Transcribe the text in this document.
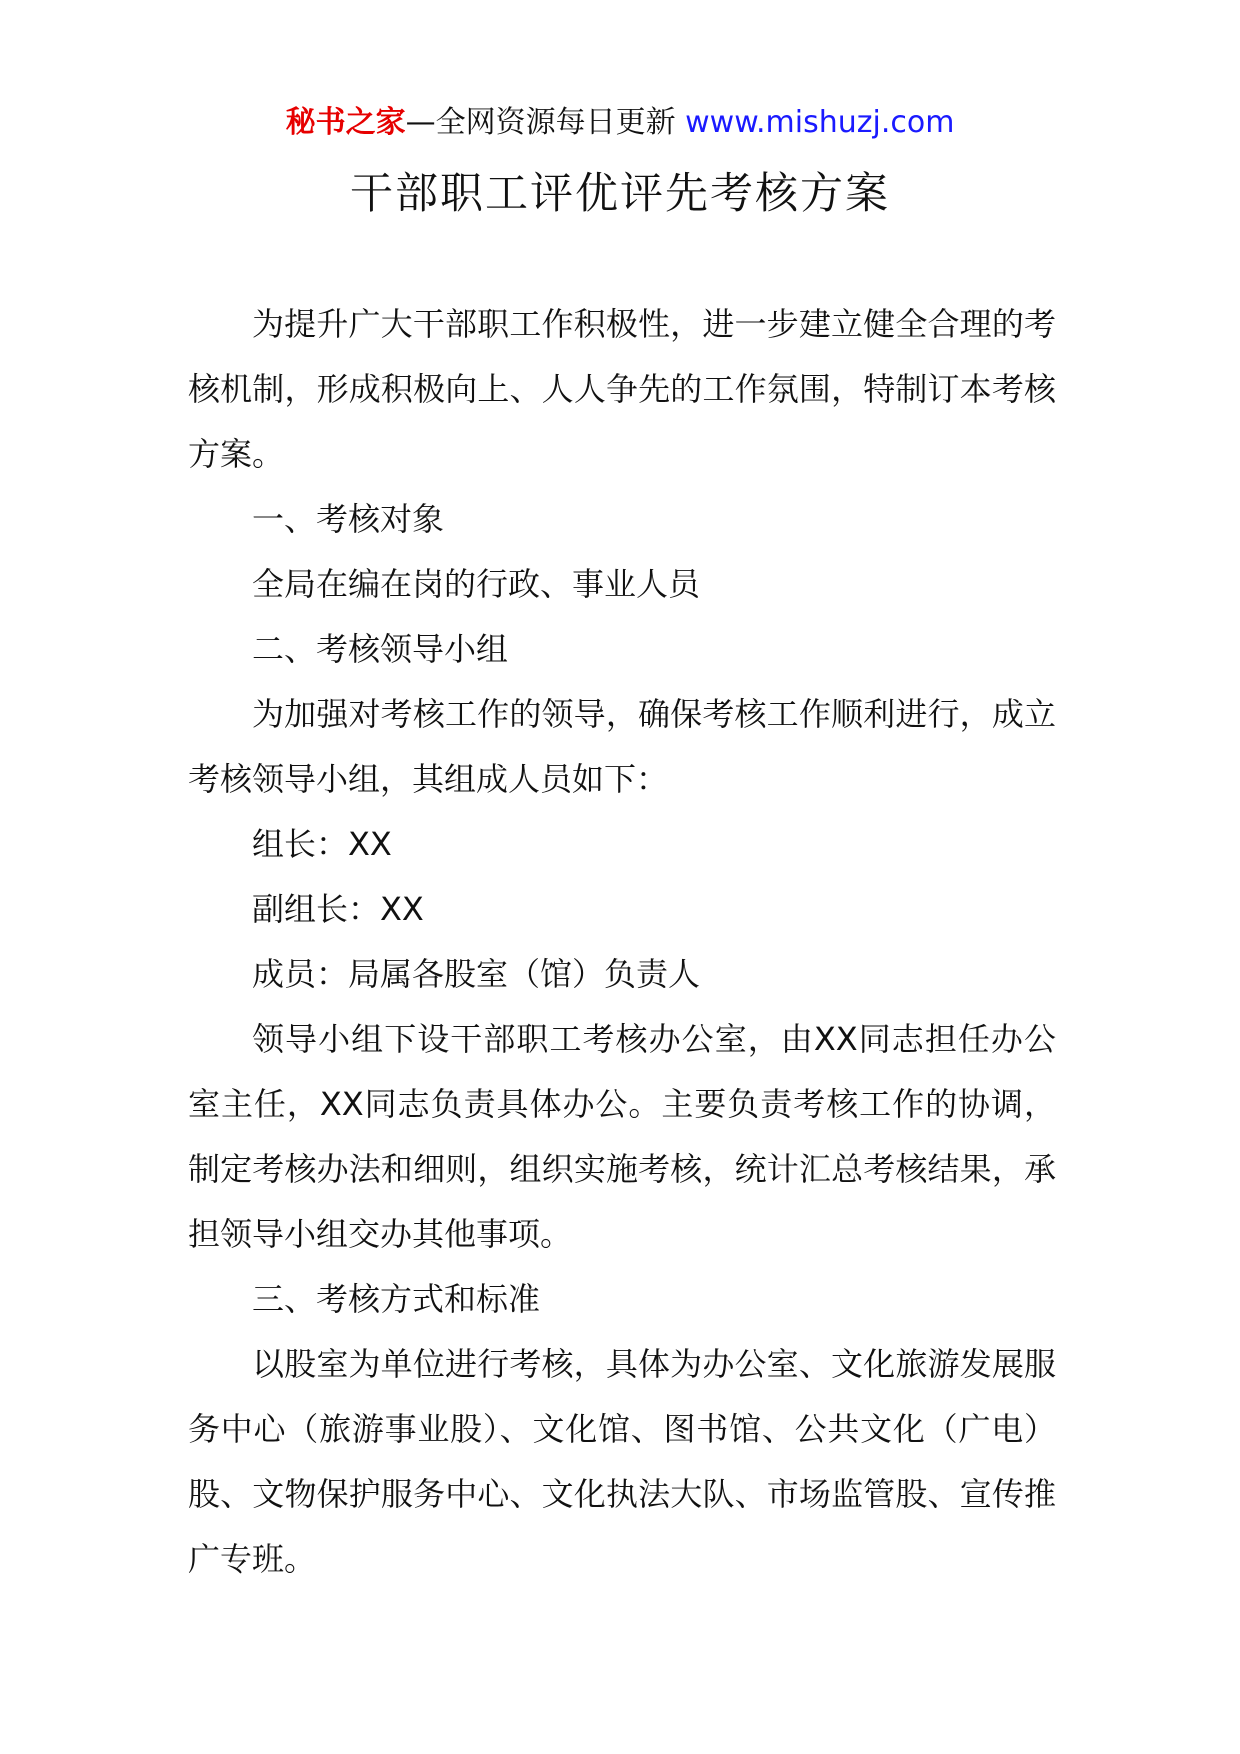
秘书之家—全网资源每日更新 www.mishuzj.com
干部职工评优评先考核方案

为提升广大干部职工作积极性，进一步建立健全合理的考核机制，形成积极向上、人人争先的工作氛围，特制订本考核方案。

一、考核对象

全局在编在岗的行政、事业人员

二、考核领导小组

为加强对考核工作的领导，确保考核工作顺利进行，成立考核领导小组，其组成人员如下：

组长：XX

副组长：XX

成员：局属各股室（馆）负责人

领导小组下设干部职工考核办公室，由XX同志担任办公室主任，XX同志负责具体办公。主要负责考核工作的协调，制定考核办法和细则，组织实施考核，统计汇总考核结果，承担领导小组交办其他事项。

三、考核方式和标准

以股室为单位进行考核，具体为办公室、文化旅游发展服务中心（旅游事业股）、文化馆、图书馆、公共文化（广电）股、文物保护服务中心、文化执法大队、市场监管股、宣传推广专班。
